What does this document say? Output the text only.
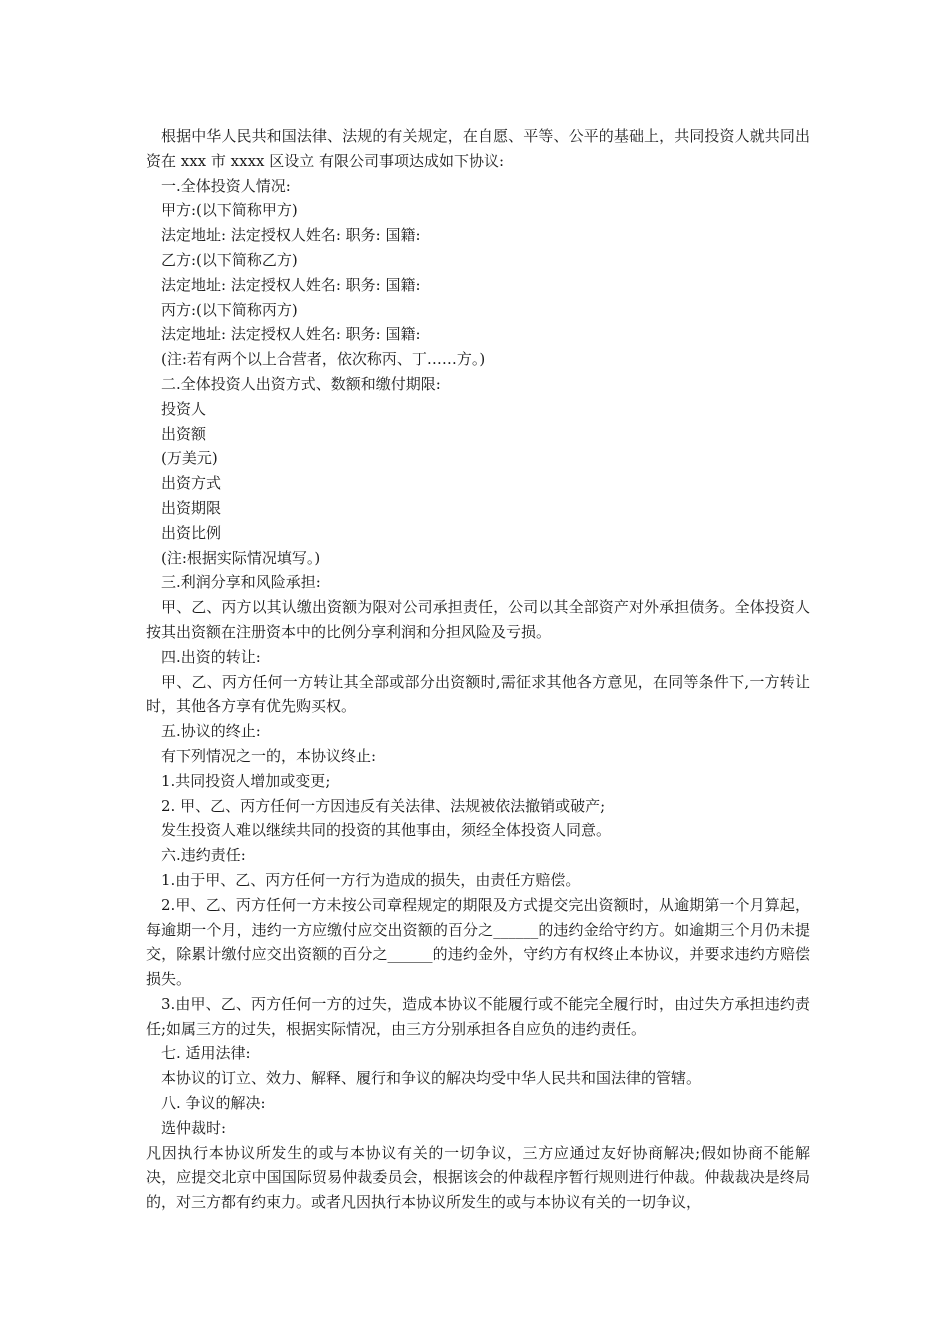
根据中华人民共和国法律、法规的有关规定，在自愿、平等、公平的基础上，共同投资人就共同出资在 xxx 市 xxxx 区设立 有限公司事项达成如下协议:

一.全体投资人情况:

甲方:(以下简称甲方)

法定地址: 法定授权人姓名: 职务: 国籍:

乙方:(以下简称乙方)

法定地址: 法定授权人姓名: 职务: 国籍:

丙方:(以下简称丙方)

法定地址: 法定授权人姓名: 职务: 国籍:

(注:若有两个以上合营者，依次称丙、丁……方。)

二.全体投资人出资方式、数额和缴付期限:

投资人

出资额

(万美元)

出资方式

出资期限

出资比例

(注:根据实际情况填写。)

三.利润分享和风险承担:

甲、乙、丙方以其认缴出资额为限对公司承担责任，公司以其全部资产对外承担债务。全体投资人按其出资额在注册资本中的比例分享利润和分担风险及亏损。

四.出资的转让:

甲、乙、丙方任何一方转让其全部或部分出资额时,需征求其他各方意见，在同等条件下,一方转让时，其他各方享有优先购买权。

五.协议的终止:

有下列情况之一的，本协议终止:

1.共同投资人增加或变更;

2. 甲、乙、丙方任何一方因违反有关法律、法规被依法撤销或破产;

发生投资人难以继续共同的投资的其他事由，须经全体投资人同意。

六.违约责任:

1.由于甲、乙、丙方任何一方行为造成的损失，由责任方赔偿。

2.甲、乙、丙方任何一方未按公司章程规定的期限及方式提交完出资额时，从逾期第一个月算起，每逾期一个月，违约一方应缴付应交出资额的百分之______的违约金给守约方。如逾期三个月仍未提交，除累计缴付应交出资额的百分之______的违约金外，守约方有权终止本协议，并要求违约方赔偿损失。

3.由甲、乙、丙方任何一方的过失，造成本协议不能履行或不能完全履行时，由过失方承担违约责任;如属三方的过失，根据实际情况，由三方分别承担各自应负的违约责任。

七. 适用法律:

本协议的订立、效力、解释、履行和争议的解决均受中华人民共和国法律的管辖。

八. 争议的解决:

选仲裁时:

凡因执行本协议所发生的或与本协议有关的一切争议，三方应通过友好协商解决;假如协商不能解决，应提交北京中国国际贸易仲裁委员会，根据该会的仲裁程序暂行规则进行仲裁。仲裁裁决是终局的，对三方都有约束力。或者凡因执行本协议所发生的或与本协议有关的一切争议，
